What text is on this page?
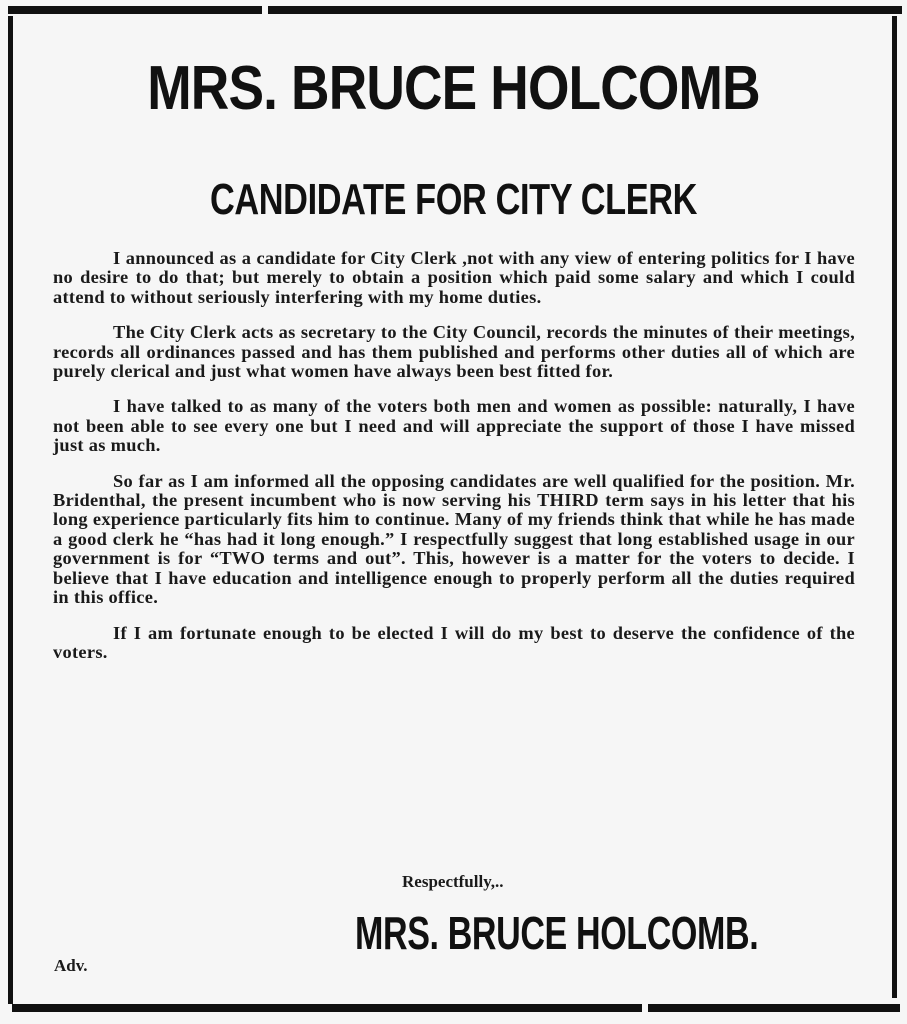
MRS. BRUCE HOLCOMB
CANDIDATE FOR CITY CLERK

I announced as a candidate for City Clerk ,not with any view of entering politics for I have no desire to do that; but merely to obtain a position which paid some salary and which I could attend to without seriously interfering with my home duties.

The City Clerk acts as secretary to the City Council, records the minutes of their meetings, records all ordinances passed and has them published and performs other duties all of which are purely clerical and just what women have always been best fitted for.

I have talked to as many of the voters both men and women as possible: naturally, I have not been able to see every one but I need and will appreciate the support of those I have missed just as much.

So far as I am informed all the opposing candidates are well qualified for the position. Mr. Bridenthal, the present incumbent who is now serving his THIRD term says in his letter that his long experience particularly fits him to continue. Many of my friends think that while he has made a good clerk he “has had it long enough.” I respectfully suggest that long established usage in our government is for “TWO terms and out”. This, however is a matter for the voters to decide. I believe that I have education and intelligence enough to properly perform all the duties required in this office.

If I am fortunate enough to be elected I will do my best to deserve the confidence of the voters.

Respectfully,..
MRS. BRUCE HOLCOMB.
Adv.
